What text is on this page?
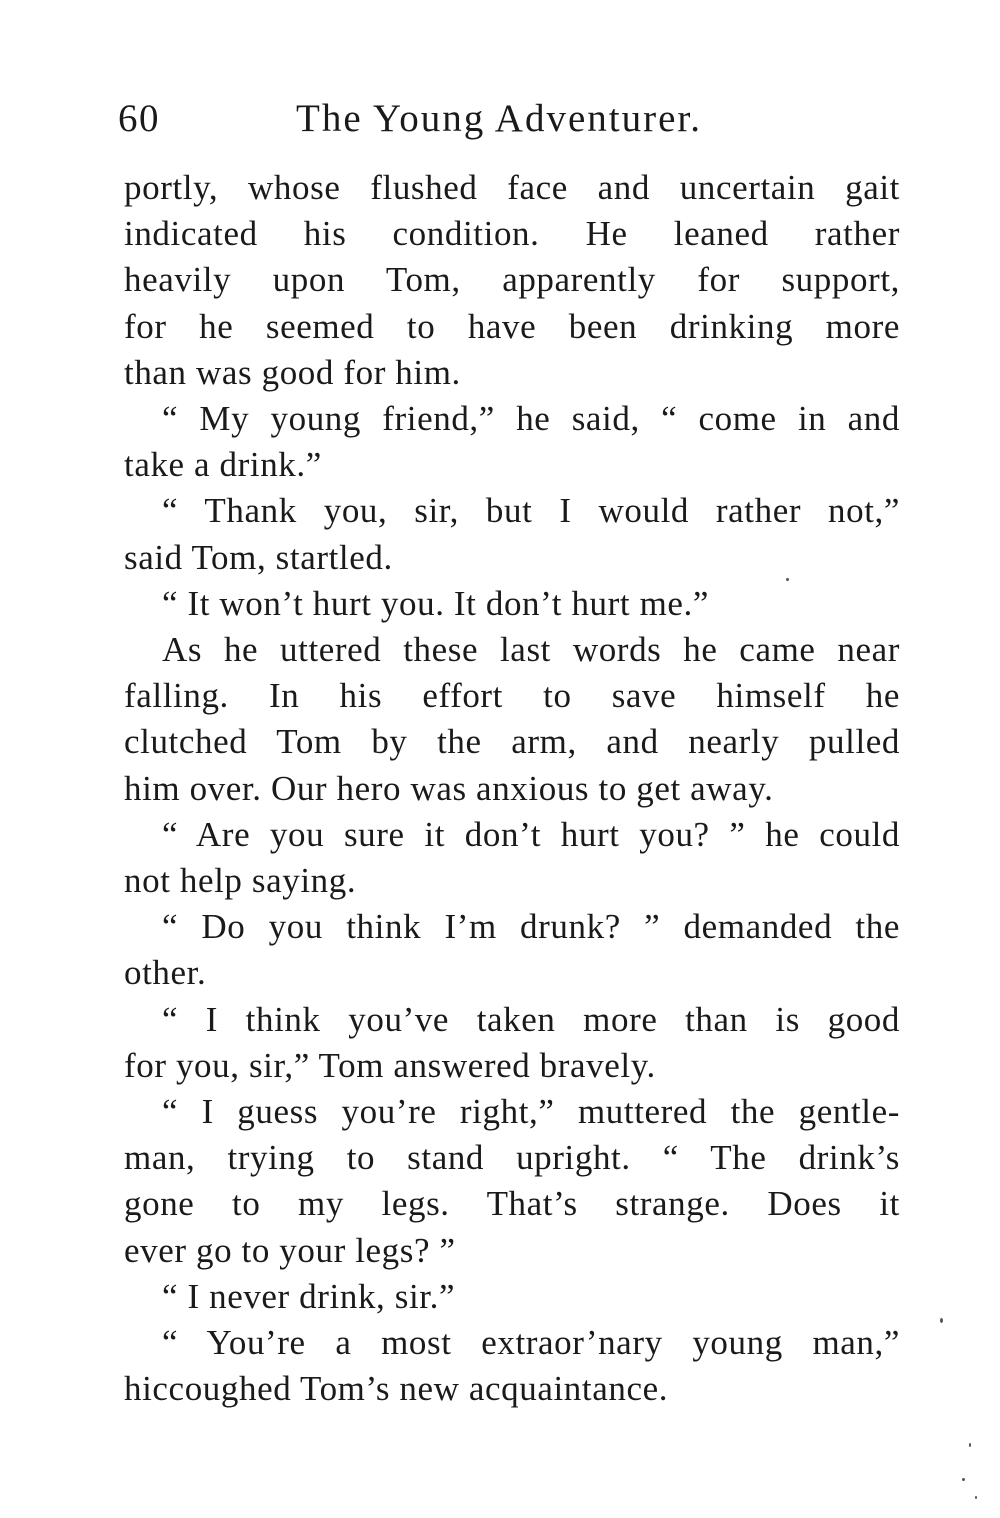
60	The Young Adventurer.
portly, whose flushed face and uncertain gait
indicated his condition. He leaned rather
heavily upon Tom, apparently for support,
for he seemed to have been drinking more
than was good for him.
“ My young friend,” he said, “ come in and
take a drink.”
“ Thank you, sir, but I would rather not,”
said Tom, startled.
“ It won’t hurt you. It don’t hurt me.”
As he uttered these last words he came near
falling. In his effort to save himself he
clutched Tom by the arm, and nearly pulled
him over. Our hero was anxious to get away.
“ Are you sure it don’t hurt you? ” he could
not help saying.
“ Do you think I’m drunk? ” demanded the
other.
“ I think you’ve taken more than is good
for you, sir,” Tom answered bravely.
“ I guess you’re right,” muttered the gentle-
man, trying to stand upright. “ The drink’s
gone to my legs. That’s strange. Does it
ever go to your legs? ”
“ I never drink, sir.”
“ You’re a most extraor’nary young man,”
hiccoughed Tom’s new acquaintance.
